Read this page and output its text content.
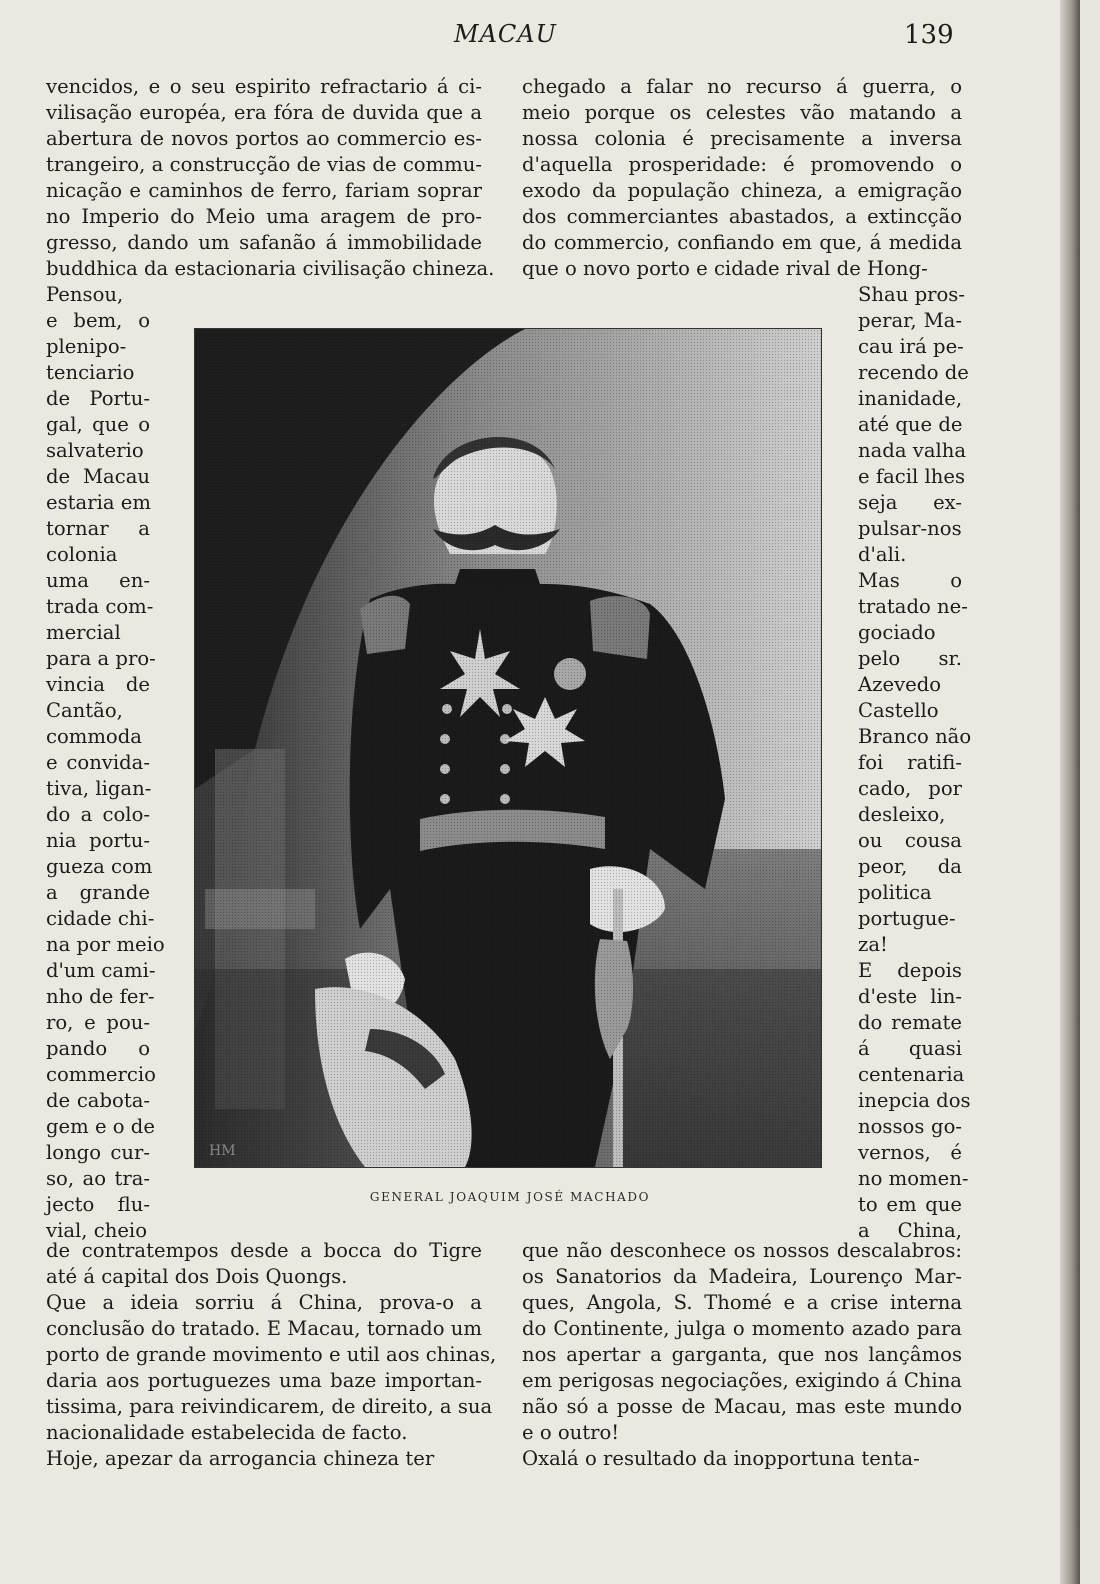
MACAU	139

vencidos, e o seu espirito refractario á ci-

vilisação européa, era fóra de duvida que a

abertura de novos portos ao commercio es-

trangeiro, a construcção de vias de commu-

nicação e caminhos de ferro, fariam soprar

no Imperio do Meio uma aragem de pro-

gresso, dando um safanão á immobilidade

buddhica da estacionaria civilisação chineza.

Pensou,

e bem, o

plenipo-

tenciario

de Portu-

gal, que o

salvaterio

de Macau

estaria em

tornar a

colonia

uma en-

trada com-

mercial

para a pro-

vincia de

Cantão,

commoda

e convida-

tiva, ligan-

do a colo-

nia portu-

gueza com

a grande

cidade chi-

na por meio

d'um cami-

nho de fer-

ro, e pou-

pando o

commercio

de cabota-

gem e o de

longo cur-

so, ao tra-

jecto flu-

vial, cheio

de contratempos desde a bocca do Tigre

até á capital dos Dois Quongs.

Que a ideia sorriu á China, prova-o a

conclusão do tratado. E Macau, tornado um

porto de grande movimento e util aos chinas,

daria aos portuguezes uma baze importan-

tissima, para reivindicarem, de direito, a sua

nacionalidade estabelecida de facto.

Hoje, apezar da arrogancia chineza ter

chegado a falar no recurso á guerra, o

meio porque os celestes vão matando a

nossa colonia é precisamente a inversa

d'aquella prosperidade: é promovendo o

exodo da população chineza, a emigração

dos commerciantes abastados, a extincção

do commercio, confiando em que, á medida

que o novo porto e cidade rival de Hong-

Shau pros-

perar, Ma-

cau irá pe-

recendo de

inanidade,

até que de

nada valha

e facil lhes

seja ex-

pulsar-nos

d'ali.

Mas o

tratado ne-

gociado

pelo sr.

Azevedo

Castello

Branco não

foi ratifi-

cado, por

desleixo,

ou cousa

peor, da

politica

portugue-

za!

E depois

d'este lin-

do remate

á quasi

centenaria

inepcia dos

nossos go-

vernos, é

no momen-

to em que

a China,

que não desconhece os nossos descalabros:

os Sanatorios da Madeira, Lourenço Mar-

ques, Angola, S. Thomé e a crise interna

do Continente, julga o momento azado para

nos apertar a garganta, que nos lançâmos

em perigosas negociações, exigindo á China

não só a posse de Macau, mas este mundo

e o outro!

Oxalá o resultado da inopportuna tenta-

HM
GENERAL JOAQUIM JOSÉ MACHADO
